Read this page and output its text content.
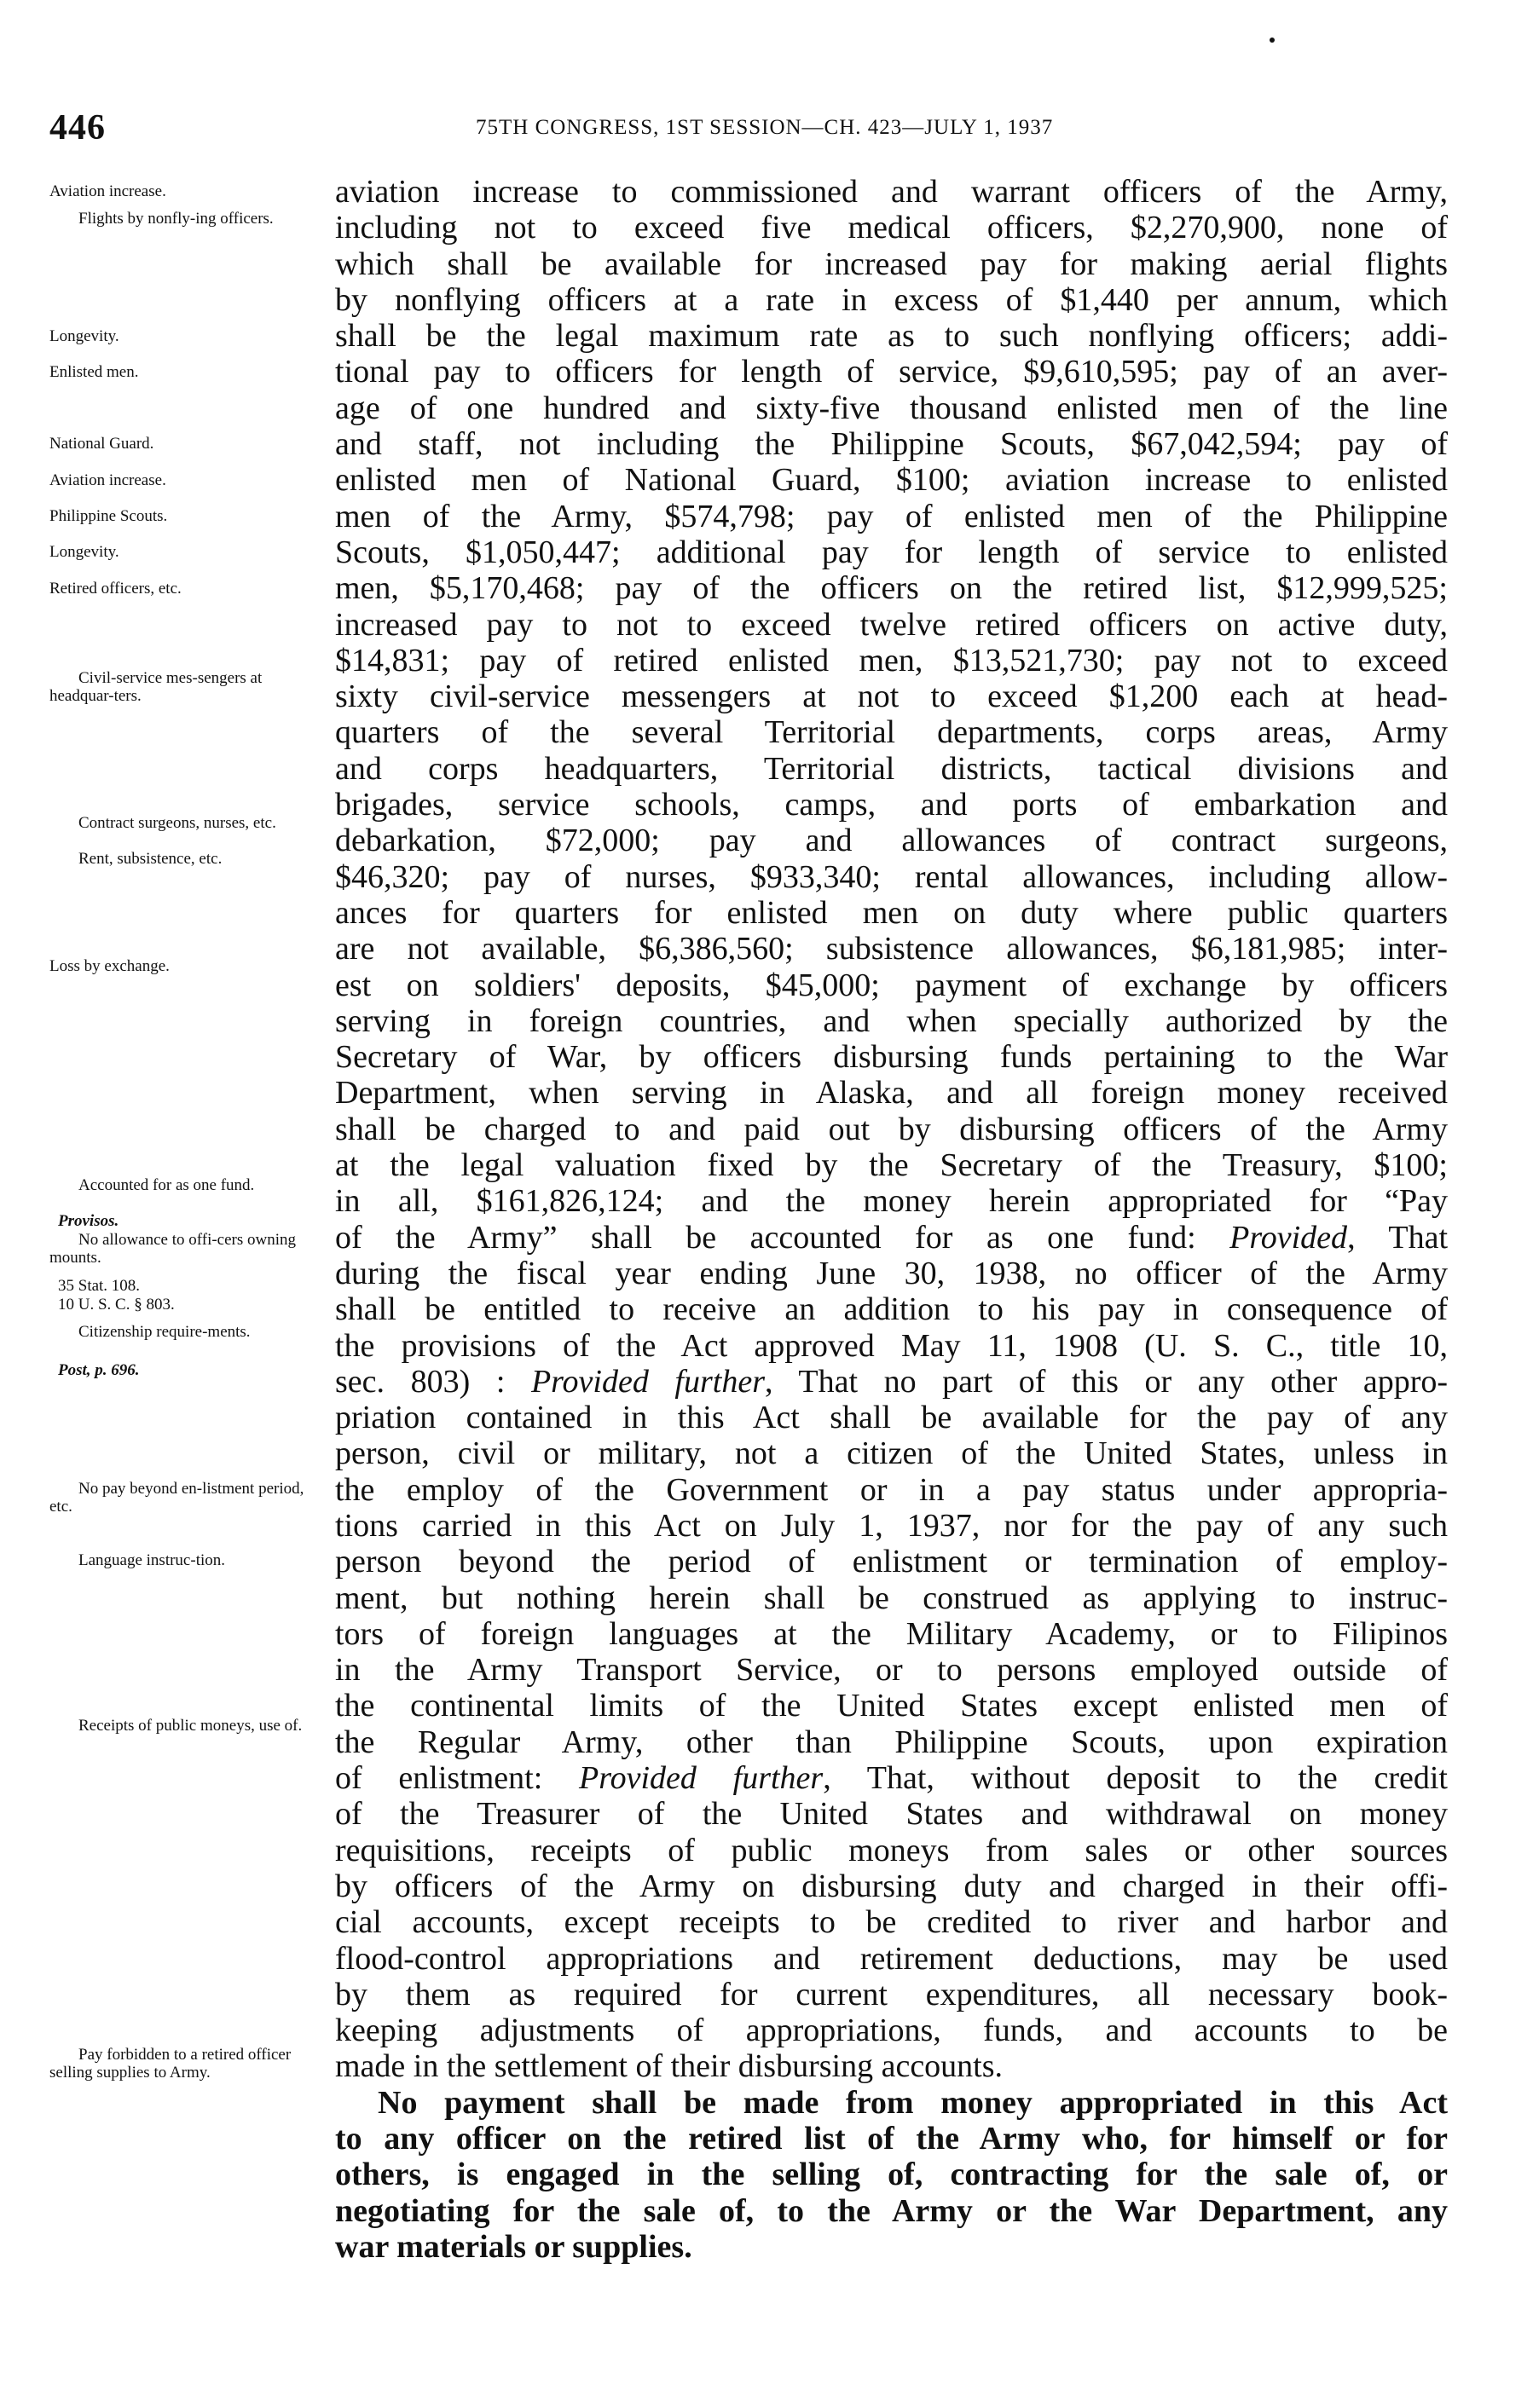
446	75TH CONGRESS, 1ST SESSION—CH. 423—JULY 1, 1937
Aviation increase.
Flights by nonfly-ing officers.
Longevity.
Enlisted men.
National Guard.
Aviation increase.
Philippine Scouts.
Longevity.
Retired officers, etc.
Civil-service mes-sengers at headquar-ters.
Contract surgeons, nurses, etc.
Rent, subsistence, etc.
Loss by exchange.
Accounted for as one fund.
Provisos.
No allowance to offi-cers owning mounts.
35 Stat. 108.
10 U. S. C. § 803.
Citizenship require-ments.
Post, p. 696.
No pay beyond en-listment period, etc.
Language instruc-tion.
Receipts of public moneys, use of.
Pay forbidden to a retired officer selling supplies to Army.
aviation increase to commissioned and warrant officers of the Army,
including not to exceed five medical officers, $2,270,900, none of
which shall be available for increased pay for making aerial flights
by nonflying officers at a rate in excess of $1,440 per annum, which
shall be the legal maximum rate as to such nonflying officers; addi-
tional pay to officers for length of service, $9,610,595; pay of an aver-
age of one hundred and sixty-five thousand enlisted men of the line
and staff, not including the Philippine Scouts, $67,042,594; pay of
enlisted men of National Guard, $100; aviation increase to enlisted
men of the Army, $574,798; pay of enlisted men of the Philippine
Scouts, $1,050,447; additional pay for length of service to enlisted
men, $5,170,468; pay of the officers on the retired list, $12,999,525;
increased pay to not to exceed twelve retired officers on active duty,
$14,831; pay of retired enlisted men, $13,521,730; pay not to exceed
sixty civil-service messengers at not to exceed $1,200 each at head-
quarters of the several Territorial departments, corps areas, Army
and corps headquarters, Territorial districts, tactical divisions and
brigades, service schools, camps, and ports of embarkation and
debarkation, $72,000; pay and allowances of contract surgeons,
$46,320; pay of nurses, $933,340; rental allowances, including allow-
ances for quarters for enlisted men on duty where public quarters
are not available, $6,386,560; subsistence allowances, $6,181,985; inter-
est on soldiers' deposits, $45,000; payment of exchange by officers
serving in foreign countries, and when specially authorized by the
Secretary of War, by officers disbursing funds pertaining to the War
Department, when serving in Alaska, and all foreign money received
shall be charged to and paid out by disbursing officers of the Army
at the legal valuation fixed by the Secretary of the Treasury, $100;
in all, $161,826,124; and the money herein appropriated for “Pay
of the Army” shall be accounted for as one fund: Provided, That
during the fiscal year ending June 30, 1938, no officer of the Army
shall be entitled to receive an addition to his pay in consequence of
the provisions of the Act approved May 11, 1908 (U. S. C., title 10,
sec. 803) : Provided further, That no part of this or any other appro-
priation contained in this Act shall be available for the pay of any
person, civil or military, not a citizen of the United States, unless in
the employ of the Government or in a pay status under appropria-
tions carried in this Act on July 1, 1937, nor for the pay of any such
person beyond the period of enlistment or termination of employ-
ment, but nothing herein shall be construed as applying to instruc-
tors of foreign languages at the Military Academy, or to Filipinos
in the Army Transport Service, or to persons employed outside of
the continental limits of the United States except enlisted men of
the Regular Army, other than Philippine Scouts, upon expiration
of enlistment: Provided further, That, without deposit to the credit
of the Treasurer of the United States and withdrawal on money
requisitions, receipts of public moneys from sales or other sources
by officers of the Army on disbursing duty and charged in their offi-
cial accounts, except receipts to be credited to river and harbor and
flood-control appropriations and retirement deductions, may be used
by them as required for current expenditures, all necessary book-
keeping adjustments of appropriations, funds, and accounts to be
made in the settlement of their disbursing accounts.
No payment shall be made from money appropriated in this Act
to any officer on the retired list of the Army who, for himself or for
others, is engaged in the selling of, contracting for the sale of, or
negotiating for the sale of, to the Army or the War Department, any
war materials or supplies.
